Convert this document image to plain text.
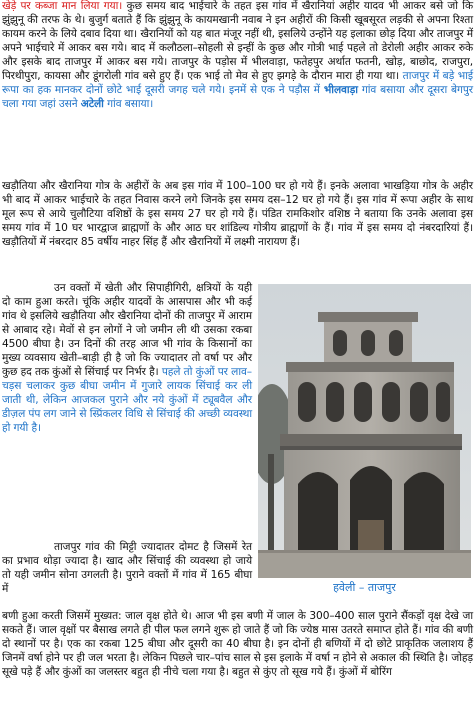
खेड़े पर कब्जा मान लिया गया। कुछ समय बाद भाईचारे के तहत इस गांव में खैरानियां अहीर यादव भी आकर बसे जो कि झुंझुनू की तरफ के थे। बुजुर्ग बताते हैं कि झुंझुनू के कायमखानी नवाब ने इन अहीरों की किसी खूबसूरत लड़की से अपना रिश्ता कायम करने के लिये दबाव दिया था। खैरानियों को यह बात मंजूर नहीं थी, इसलिये उन्होंने यह इलाका छोड़ दिया और ताजपुर में अपने भाईचारे में आकर बस गये। बाद में कलौठला–सोहली से इन्हीं के कुछ और गोत्री भाई पहले तो डेरोली अहीर आकर रुके और इसके बाद ताजपुर में आकर बस गये। ताजपुर के पड़ोस में भीलवाड़ा, फतेहपुर अर्थात फतनी, खोड़, बाछोद, राजपुरा, पिरथीपुरा, कायसा और डूंगरोली गांव बसे हुए हैं। एक भाई तो मेव से हुए झगड़े के दौरान मारा ही गया था। ताजपुर में बड़े भाई रूपा का हक मानकर दोनों छोटे भाई दूसरी जगह चले गये। इनमें से एक ने पड़ौस में भीलवाड़ा गांव बसाया और दूसरा बेगपुर चला गया जहां उसने अटेली गांव बसाया।

खड़ौतिया और खैरानिया गोत्र के अहीरों के अब इस गांव में 100–100 घर हो गये हैं। इनके अलावा भाखड़िया गोत्र के अहीर भी बाद में आकर भाईचारे के तहत निवास करने लगे जिनके इस समय दस–12 घर हो गये हैं। इस गांव में रूपा अहीर के साथ मूल रूप से आये चुलौटिया वशिष्ठों के इस समय 27 घर हो गये हैं। पंडित रामकिशोर वशिष्ठ ने बताया कि उनके अलावा इस समय गांव में 10 घर भारद्वाज ब्राह्मणों के और आठ घर शांडिल्य गोत्रीय ब्राह्मणों के हैं। गांव में इस समय दो नंबरदारियां हैं। खड़ौतियों में नंबरदार 85 वर्षीय नाहर सिंह हैं और खैरानियों में लक्ष्मी नारायण हैं।

उन वक्तों में खेती और सिपाहीगिरी, क्षत्रियों के यही दो काम हुआ करते। चूंकि अहीर यादवों के आसपास और भी कई गांव थे इसलिये खड़ौतिया और खैरानिया दोनों की ताजपुर में आराम से आबाद रहे। मेवों से इन लोगों ने जो जमीन ली थी उसका रकबा 4500 बीघा है। उन दिनों की तरह आज भी गांव के किसानों का मुख्य व्यवसाय खेती–बाड़ी ही है जो कि ज्यादातर तो वर्षा पर और कुछ हद तक कुंओं से सिंचाई पर निर्भर है। पहले तो कुंओं पर लाव–चड़स चलाकर कुछ बीघा जमीन में गुजारे लायक सिंचाई कर ली जाती थी, लेकिन आजकल पुराने और नये कुंओं में ट्यूबवैल और डीज़ल पंप लग जाने से स्प्रिंकलर विधि से सिंचाई की अच्छी व्यवस्था हो गयी है।

हवेली – ताजपुर

ताजपुर गांव की मिट्टी ज्यादातर दोमट है जिसमें रेत का प्रभाव थोड़ा ज्यादा है। खाद और सिंचाई की व्यवस्था हो जाये तो यही जमीन सोना उगलती है। पुराने वक्तों में गांव में 165 बीघा में

बणी हुआ करती जिसमें मुख्यत: जाल वृक्ष होते थे। आज भी इस बणी में जाल के 300–400 साल पुराने सैंकड़ों वृक्ष देखे जा सकते हैं। जाल वृक्षों पर बैसाख लगते ही पील फल लगने शुरू हो जाते हैं जो कि ज्येष्ठ मास उतरते समाप्त होते हैं। गांव की बणी दो स्थानों पर है। एक का रकबा 125 बीघा और दूसरी का 40 बीघा है। इन दोनों ही बणियों में दो छोटे प्राकृतिक जलाशय हैं जिनमें वर्षा होने पर ही जल भरता है। लेकिन पिछले चार–पांच साल से इस इलाके में वर्षा न होने से अकाल की स्थिति है। जोहड़ सूखे पड़े हैं और कुंओं का जलस्तर बहुत ही नीचे चला गया है। बहुत से कुंए तो सूख गये हैं। कुंओं में बोरिंग
